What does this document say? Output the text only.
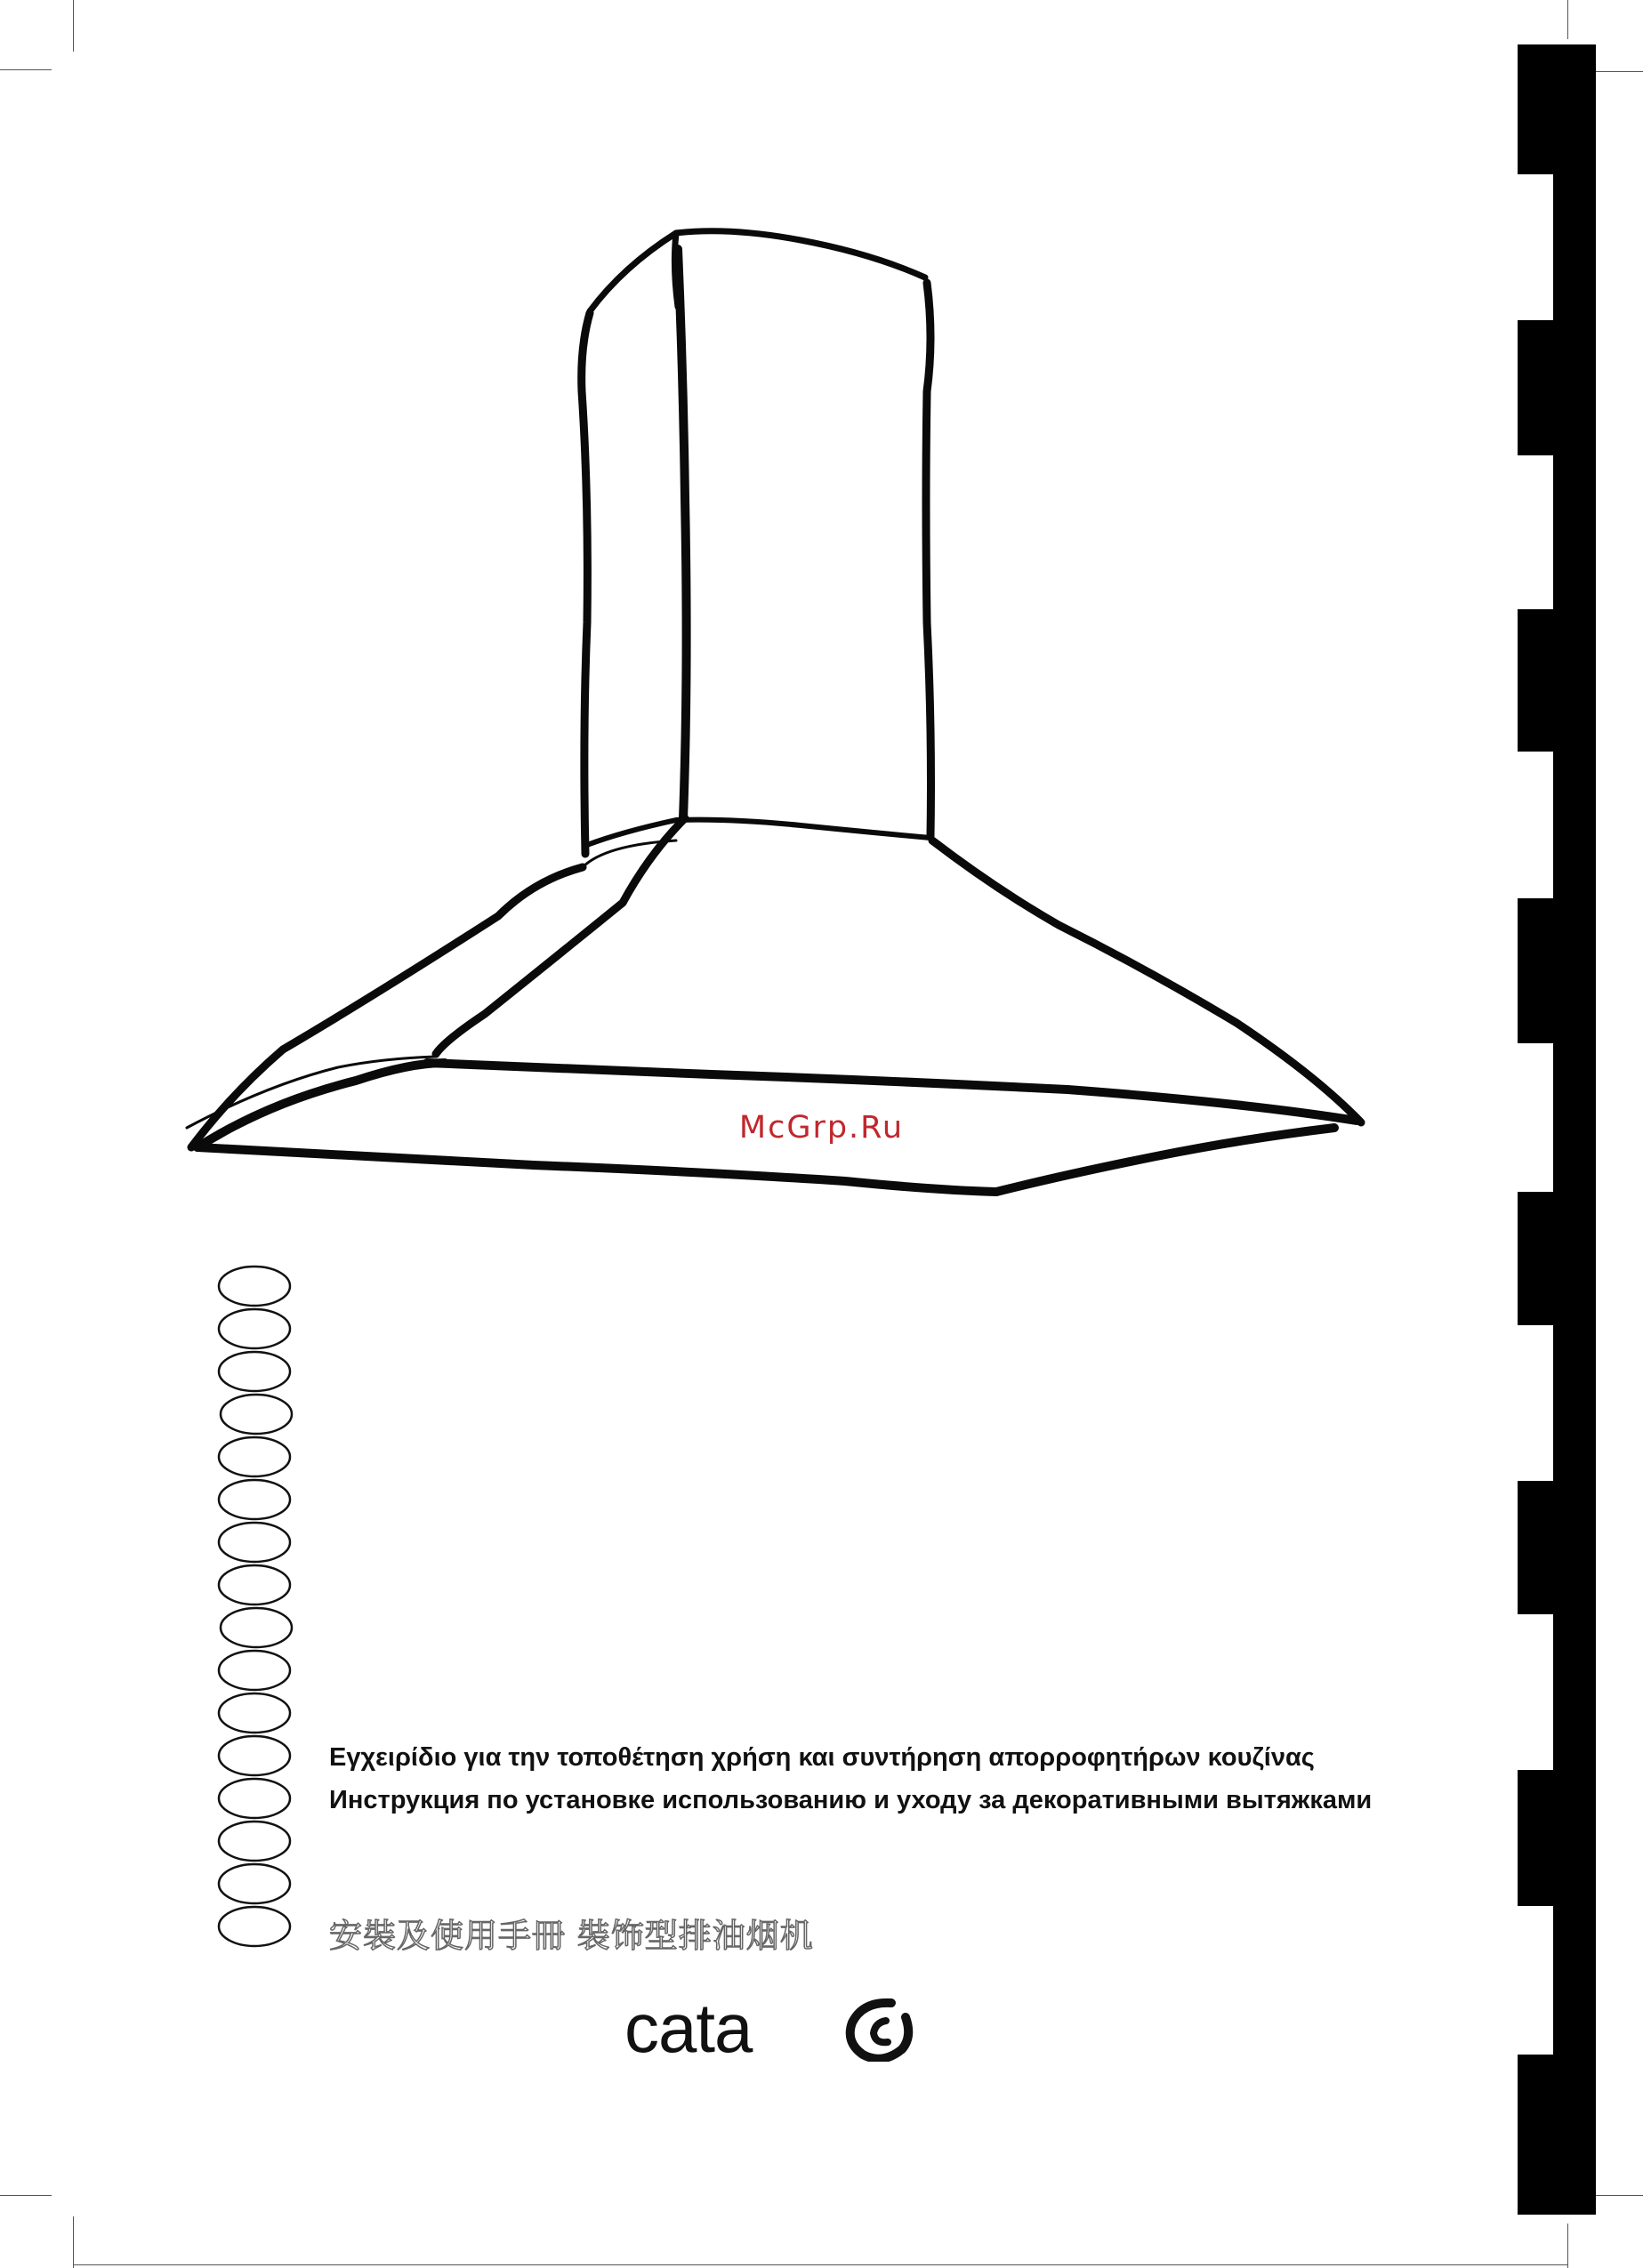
McGrp.Ru
Εγχειρίδιο για την τοποθέτηση χρήση και συντήρηση απορροφητήρων κουζίνας
Инструкция по установке использованию и уходу за декоративными вытяжками
安裝及使用手冊 裝饰型排油烟机
cata
